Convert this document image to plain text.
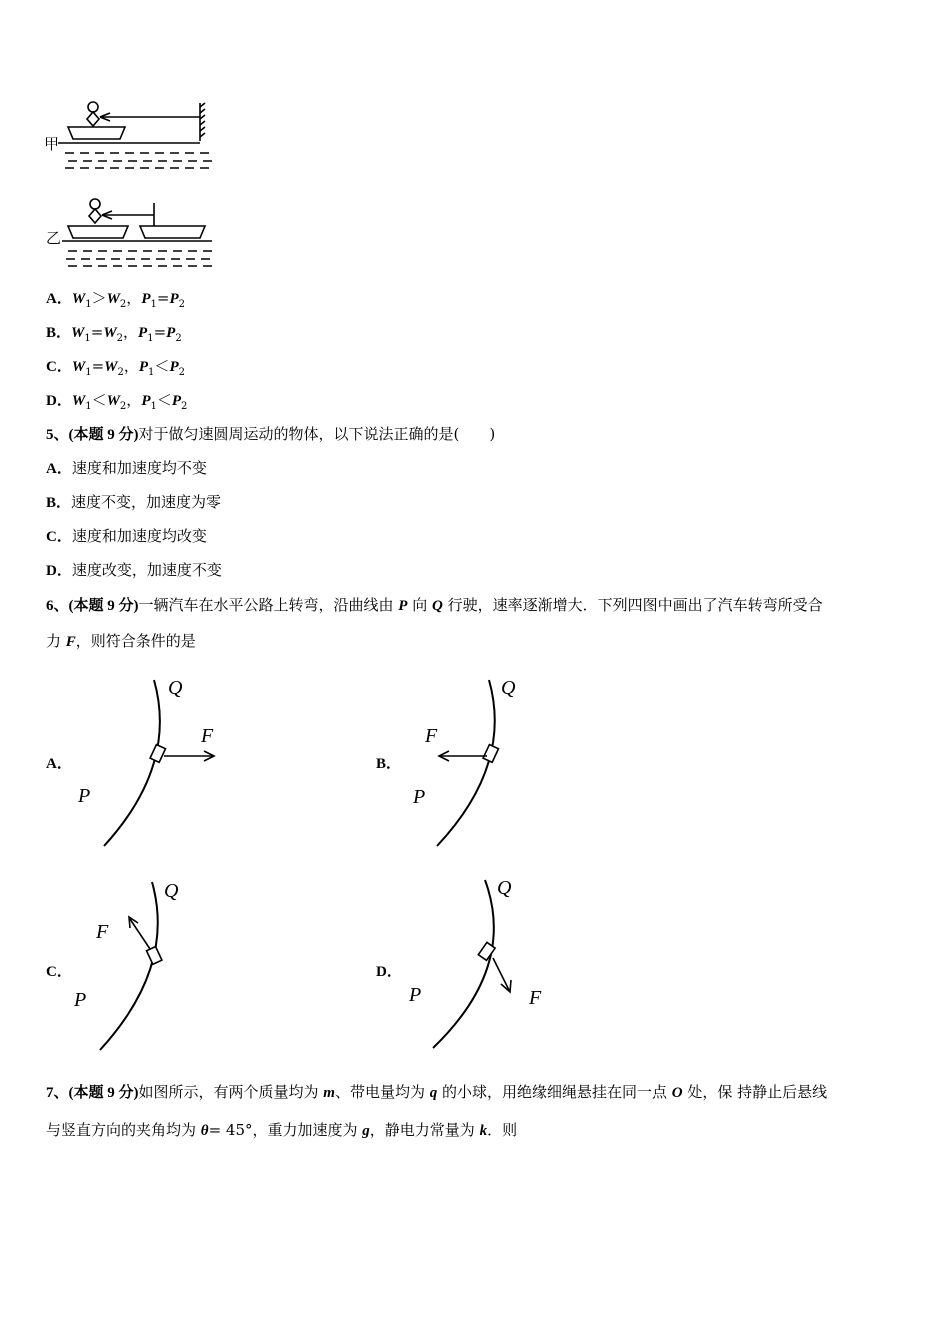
甲
乙
A．$W_1>W_2$，$P_1=P_2$
B．$W_1=W_2$，$P_1=P_2$
C．$W_1=W_2$，$P_1<P_2$
D．$W_1<W_2$，$P_1<P_2$
5、(本题 9 分)对于做匀速圆周运动的物体，以下说法正确的是(　　)
A．速度和加速度均不变
B．速度不变，加速度为零
C．速度和加速度均改变
D．速度改变，加速度不变
6、(本题 9 分)一辆汽车在水平公路上转弯，沿曲线由 P 向 Q 行驶，速率逐渐增大．下列四图中画出了汽车转弯所受合
力 F，则符合条件的是
A．
Q
F
P
B．
Q
F
P
C．
Q
F
P
D．
Q
F
P
7、(本题 9 分)如图所示，有两个质量均为 m、带电量均为 q 的小球，用绝缘细绳悬挂在同一点 O 处，保 持静止后悬线
与竖直方向的夹角均为 θ= 45°，重力加速度为 g，静电力常量为 k．则
